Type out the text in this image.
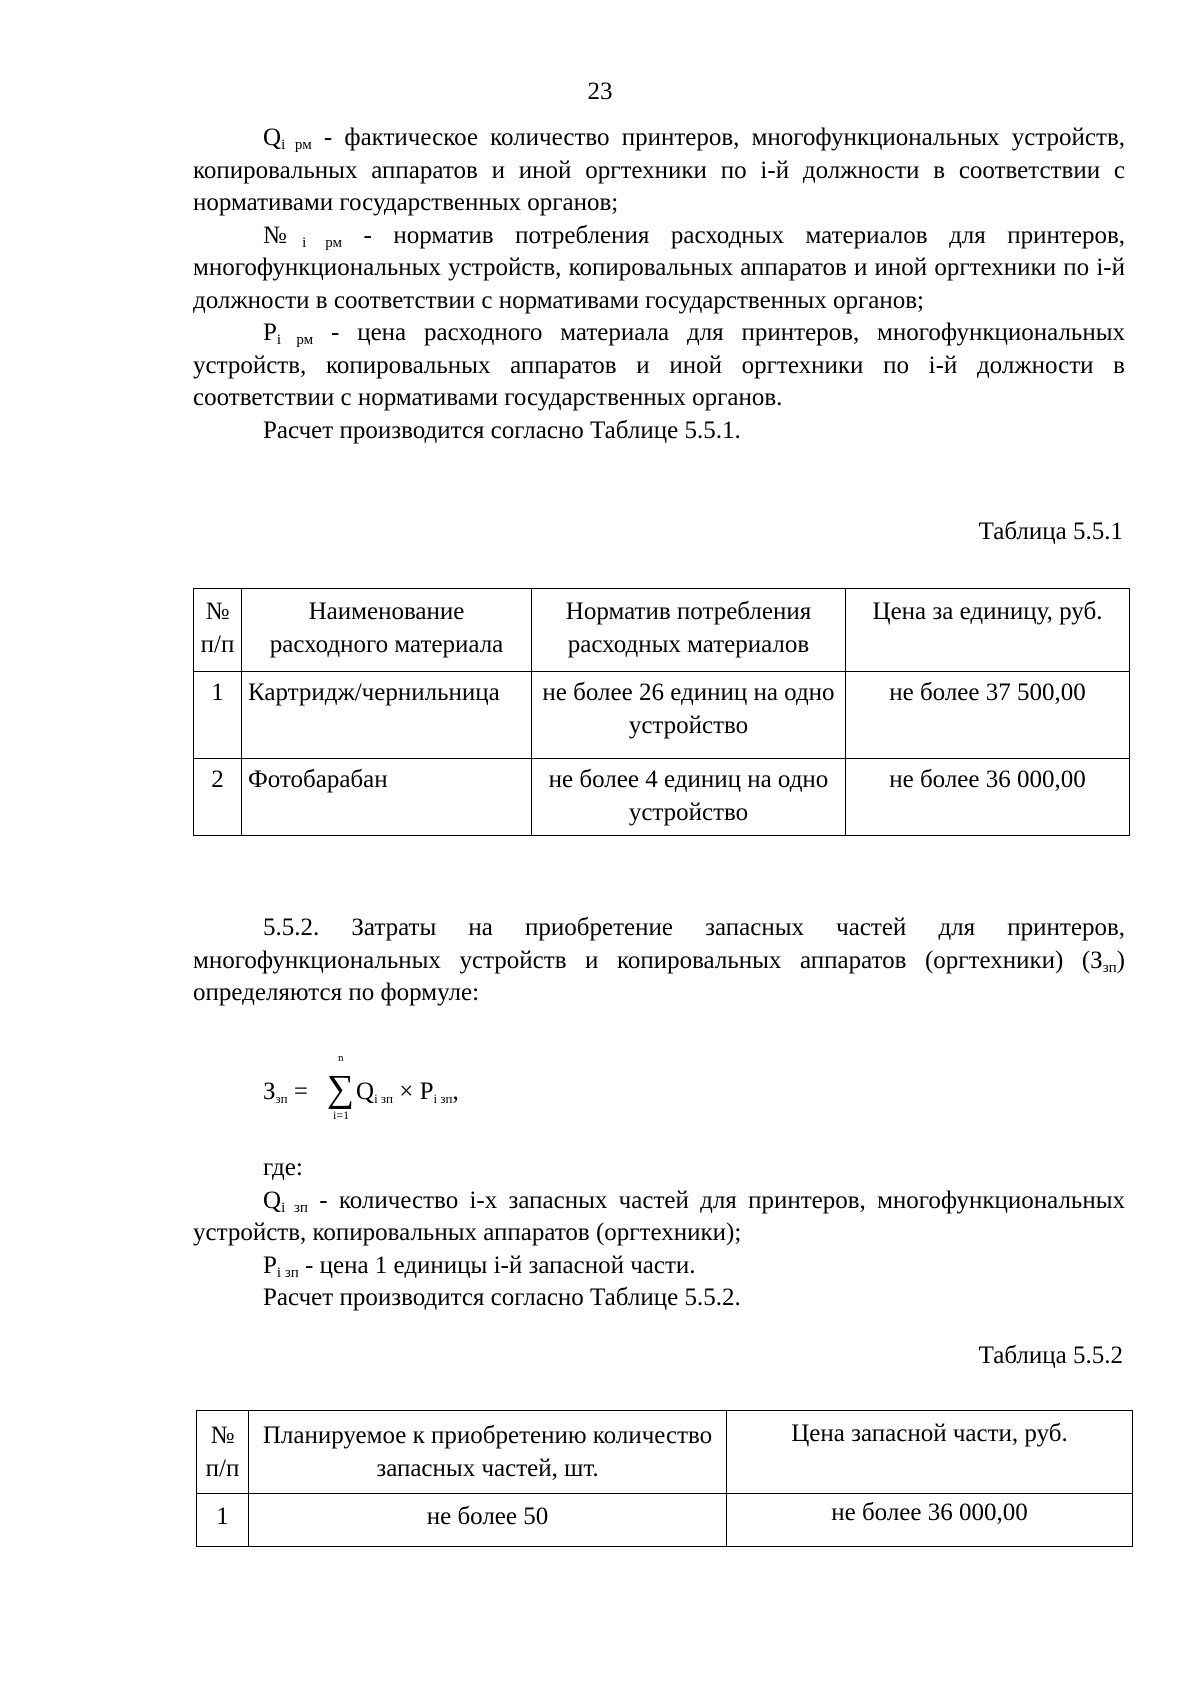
23

$Q_{i рм}$ - фактическое количество принтеров, многофункциональных устройств, копировальных аппаратов и иной оргтехники по i-й должности в соответствии с нормативами государственных органов;

$№_{i рм}$ - норматив потребления расходных материалов для принтеров, многофункциональных устройств, копировальных аппаратов и иной оргтехники по i-й должности в соответствии с нормативами государственных органов;

$P_{i рм}$ - цена расходного материала для принтеров, многофункциональных устройств, копировальных аппаратов и иной оргтехники по i-й должности в соответствии с нормативами государственных органов.

Расчет производится согласно Таблице 5.5.1.

Таблица 5.5.1
№ п/п	Наименование расходного материала	Норматив потребления расходных материалов	Цена за единицу, руб.
1	Картридж/чернильница	не более 26 единиц на одно устройство	не более 37 500,00
2	Фотобарабан	не более 4 единиц на одно устройство	не более 36 000,00

5.5.2. Затраты на приобретение запасных частей для принтеров, многофункциональных устройств и копировальных аппаратов (оргтехники) $(З_{зп})$ определяются по формуле:

$З_{зп}$ =
n
∑
i=1
$Q_{i зп} \times P_{i зп}$,

где:

$Q_{i зп}$ - количество i-х запасных частей для принтеров, многофункциональных устройств, копировальных аппаратов (оргтехники);

$P_{i зп}$ - цена 1 единицы i-й запасной части.

Расчет производится согласно Таблице 5.5.2.

Таблица 5.5.2
№ п/п	Планируемое к приобретению количество запасных частей, шт.	Цена запасной части, руб.
1	не более 50	не более 36 000,00
